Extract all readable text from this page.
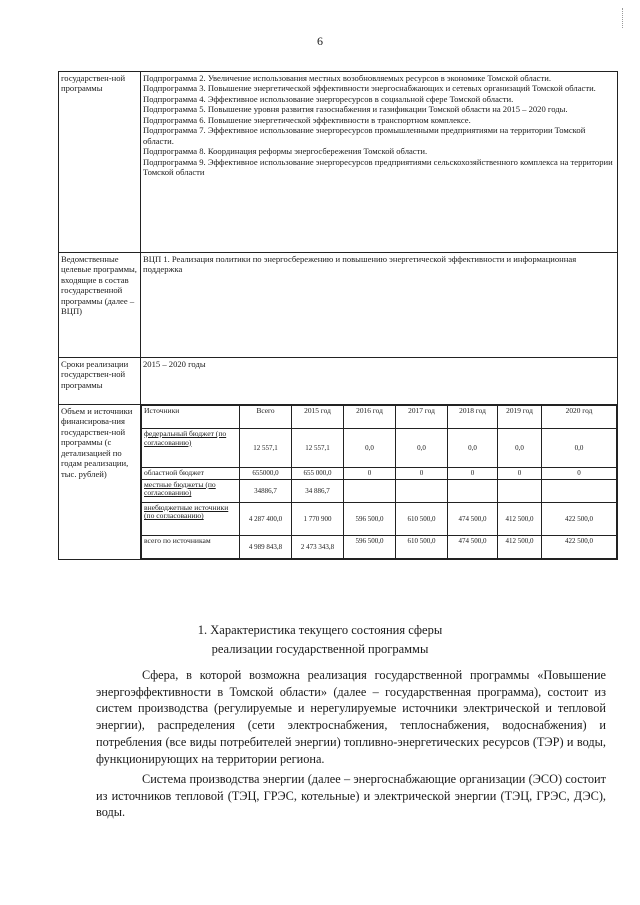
6
государствен-ной программы	
Подпрограмма 2. Увеличение использования местных возобновляемых ресурсов в экономике Томской области.
Подпрограмма 3. Повышение энергетической эффективности энергоснабжающих и сетевых организаций Томской области.
Подпрограмма 4. Эффективное использование энергоресурсов в социальной сфере Томской области.
Подпрограмма 5. Повышение уровня развития газоснабжения и газификации Томской области на 2015 – 2020 годы.
Подпрограмма 6. Повышение энергетической эффективности в транспортном комплексе.
Подпрограмма 7. Эффективное использование энергоресурсов промышленными предприятиями на территории Томской области.
Подпрограмма 8. Координация реформы энергосбережения Томской области.
Подпрограмма 9. Эффективное использование энергоресурсов предприятиями сельскохозяйственного комплекса на территории Томской области

Ведомственные целевые программы, входящие в состав государственной программы (далее – ВЦП)	ВЦП 1. Реализация политики по энергосбережению и повышению энергетической эффективности и информационная поддержка
Сроки реализации государствен-ной программы	2015 – 2020 годы
Объем и источники финансирова-ния государствен-ной программы (с детализацией по годам реализации, тыс. рублей)	
Источники	Всего	2015 год	2016 год	2017 год	2018 год	2019 год	2020 год
федеральный бюджет (по согласованию)	12 557,1	12 557,1	0,0	0,0	0,0	0,0	0,0
областной бюджет	655000,0	655 000,0	0	0	0	0	0
местные бюджеты (по согласованию)	34886,7	34 886,7					
внебюджетные источники (по согласованию)	4 287 400,0	1 770 900	596 500,0	610 500,0	474 500,0	412 500,0	422 500,0
всего по источникам	4 989 843,8	2 473 343,8	596 500,0	610 500,0	474 500,0	412 500,0	422 500,0
1. Характеристика текущего состояния сферы
реализации государственной программы

Сфера, в которой возможна реализация государственной программы «Повышение энергоэффективности в Томской области» (далее – государственная программа), состоит из систем производства (регулируемые и нерегулируемые источники электрической и тепловой энергии), распределения (сети электроснабжения, теплоснабжения, водоснабжения) и потребления (все виды потребителей энергии) топливно-энергетических ресурсов (ТЭР) и воды, функционирующих на территории региона.

Система производства энергии (далее – энергоснабжающие организации (ЭСО) состоит из источников тепловой (ТЭЦ, ГРЭС, котельные) и электрической энергии (ТЭЦ, ГРЭС, ДЭС), воды.
